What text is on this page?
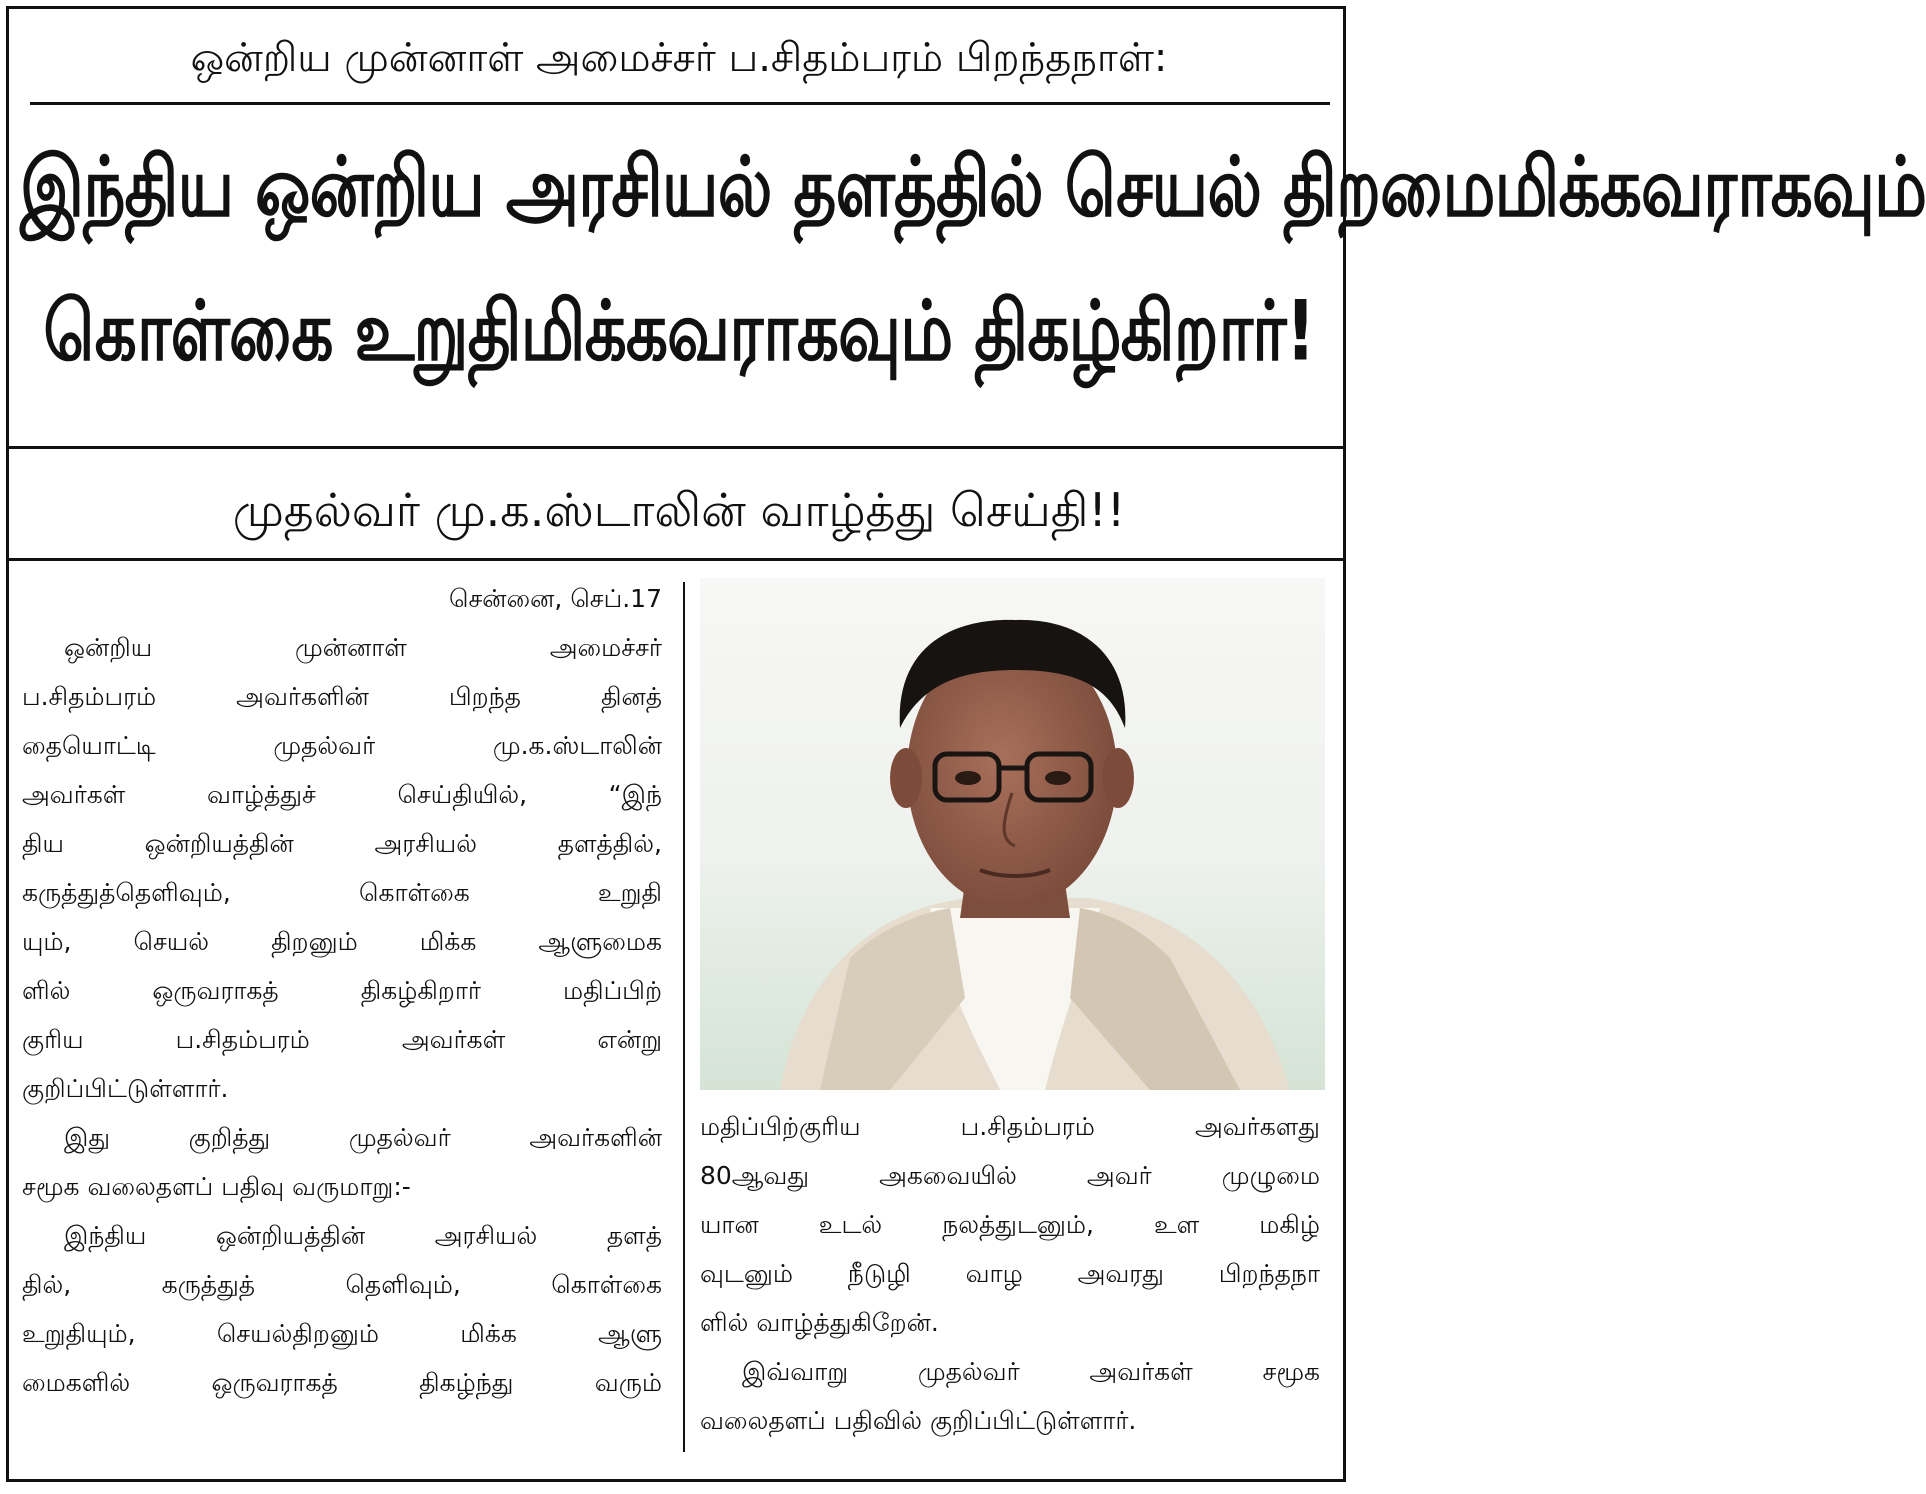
ஒன்றிய முன்னாள் அமைச்சர் ப.சிதம்பரம் பிறந்தநாள்:
இந்திய ஒன்றிய அரசியல் தளத்தில் செயல் திறமைமிக்கவராகவும்
கொள்கை உறுதிமிக்கவராகவும் திகழ்கிறார்!
முதல்வர் மு.க.ஸ்டாலின் வாழ்த்து செய்தி!!
சென்னை, செப்.17
ஒன்றிய முன்னாள் அமைச்சர்
ப.சிதம்பரம் அவர்களின் பிறந்த தினத்
தையொட்டி முதல்வர் மு.க.ஸ்டாலின்
அவர்கள் வாழ்த்துச் செய்தியில், “இந்
திய ஒன்றியத்தின் அரசியல் தளத்தில்,
கருத்துத்தெளிவும், கொள்கை உறுதி
யும், செயல் திறனும் மிக்க ஆளுமைக
ளில் ஒருவராகத் திகழ்கிறார் மதிப்பிற்
குரிய ப.சிதம்பரம் அவர்கள் என்று
குறிப்பிட்டுள்ளார்.
இது குறித்து முதல்வர் அவர்களின்
சமூக வலைதளப் பதிவு வருமாறு:-
இந்திய ஒன்றியத்தின் அரசியல் தளத்
தில், கருத்துத் தெளிவும், கொள்கை
உறுதியும், செயல்திறனும் மிக்க ஆளு
மைகளில் ஒருவராகத் திகழ்ந்து வரும்
மதிப்பிற்குரிய ப.சிதம்பரம் அவர்களது
80ஆவது அகவையில் அவர் முழுமை
யான உடல் நலத்துடனும், உள மகிழ்
வுடனும் நீடுழி வாழ அவரது பிறந்தநா
ளில் வாழ்த்துகிறேன்.
இவ்வாறு முதல்வர் அவர்கள் சமூக
வலைதளப் பதிவில் குறிப்பிட்டுள்ளார்.
